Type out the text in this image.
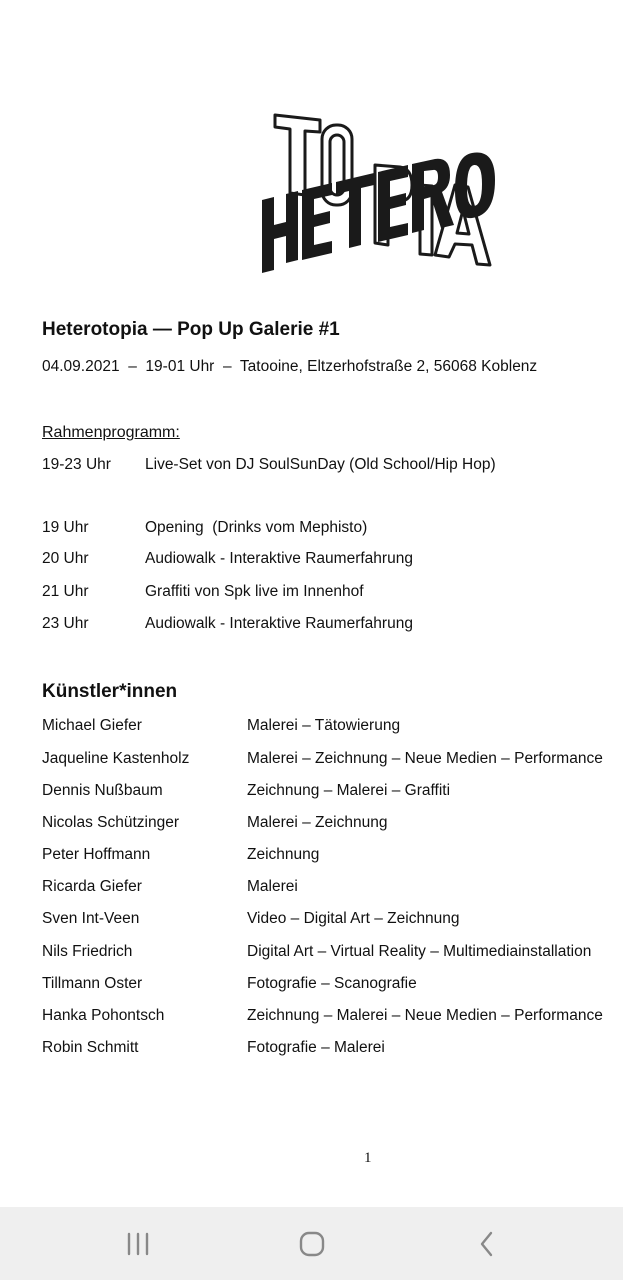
Heterotopia — Pop Up Galerie #1
04.09.2021  –  19-01 Uhr  –  Tatooine, Eltzerhofstraße 2, 56068 Koblenz
Rahmenprogramm:
19-23 Uhr Live-Set von DJ SoulSunDay (Old School/Hip Hop)
19 Uhr	Opening  (Drinks vom Mephisto)
20 Uhr	Audiowalk - Interaktive Raumerfahrung
21 Uhr	Graffiti von Spk live im Innenhof
23 Uhr	Audiowalk - Interaktive Raumerfahrung
Künstler*innen
Michael Giefer	Malerei – Tätowierung
Jaqueline Kastenholz	Malerei – Zeichnung – Neue Medien – Performance
Dennis Nußbaum	Zeichnung – Malerei – Graffiti
Nicolas Schützinger	Malerei – Zeichnung
Peter Hoffmann	Zeichnung
Ricarda Giefer	Malerei
Sven Int-Veen	Video – Digital Art – Zeichnung
Nils Friedrich	Digital Art – Virtual Reality – Multimediainstallation
Tillmann Oster	Fotografie – Scanografie
Hanka Pohontsch	Zeichnung – Malerei – Neue Medien – Performance
Robin Schmitt	Fotografie – Malerei
1
